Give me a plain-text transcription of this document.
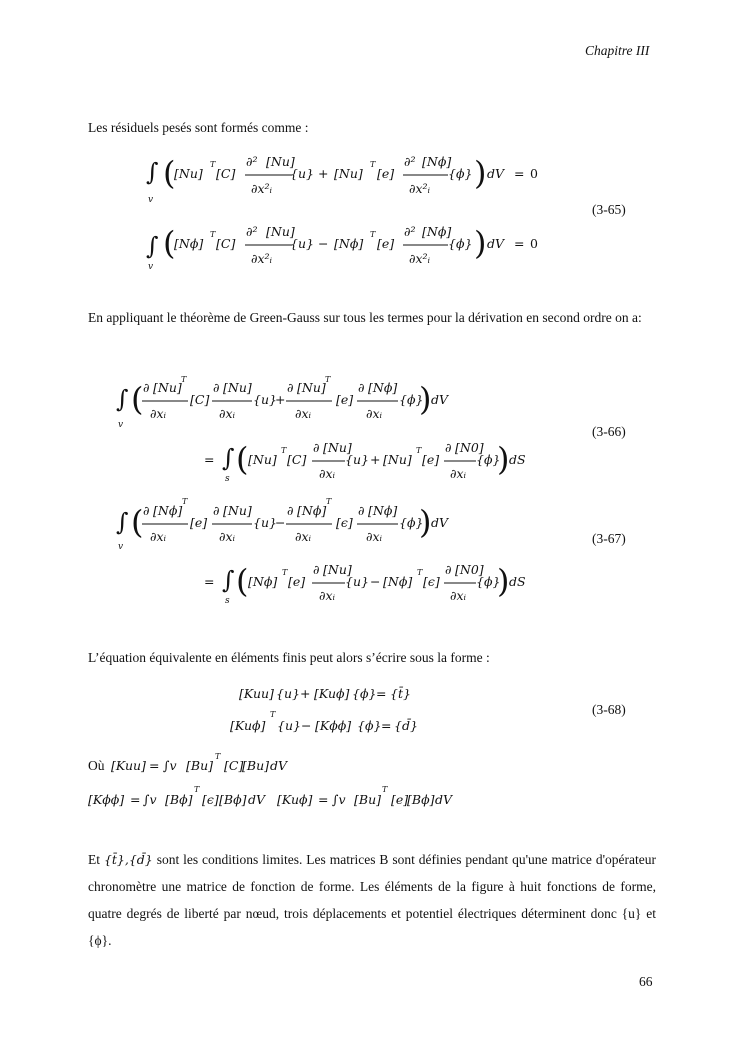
Chapitre III
66
Les résiduels pesés sont formés comme :
En appliquant le théorème de Green-Gauss sur tous les termes pour la dérivation en second ordre on a:
L’équation équivalente en éléments finis peut alors s’écrire sous la forme :
Et {t̄},{d̄} sont les conditions limites. Les matrices B sont définies pendant qu'une matrice d'opérateur chronomètre une matrice de fonction de forme. Les éléments de la figure à huit fonctions de forme, quatre degrés de liberté par nœud, trois déplacements et potentiel électriques déterminent donc {u} et {ϕ}.
(3-65)
(3-66)
(3-67)
(3-68)
∫
v
(
[Nu]
T
[C]
∂² [Nu]
∂x²ᵢ
{u} + [Nu]
T
[e]
∂² [Nϕ]
∂x²ᵢ
{ϕ} ) dV = 0
∫
v
(
[Nϕ]
T
[C]
∂² [Nu]
∂x²ᵢ
{u} − [Nϕ]
T
[e]
∂² [Nϕ]
∂x²ᵢ
{ϕ} ) dV = 0
∫
v
( ∂ [Nu]
T
∂xᵢ
[C]
∂ [Nu]
∂xᵢ
{u}
+
∂ [Nu]
T
∂xᵢ
[e]
∂ [Nϕ]
∂xᵢ
{ϕ}
) dV
= ∫
s
( [Nu]
T
[C]
∂ [Nu]
∂xᵢ
{u} + [Nu]
T
[e]
∂ [N0]
∂xᵢ
{ϕ}
) dS
∫
v
( ∂ [Nϕ]
T
∂xᵢ
[e]
∂ [Nu]
∂xᵢ
{u}
−
∂ [Nϕ]
T
∂xᵢ
[ϵ]
∂ [Nϕ]
∂xᵢ
{ϕ}
) dV
= ∫
s
( [Nϕ]
T
[e]
∂ [Nu]
∂xᵢ
{u} − [Nϕ]
T
[ϵ]
∂ [N0]
∂xᵢ
{ϕ}
) dS
[Kuu] {u} + [Kuϕ] {ϕ} = {t̄}
[Kuϕ]
T
{u} − [Kϕϕ] {ϕ} = {d̄}
Où [Kuu] = ∫v [Bu]
T
[C]
[Bu] dV
[Kϕϕ] = ∫v [Bϕ]
T
[ϵ] [Bϕ] dV [Kuϕ] = ∫v [Bu]
T
[e]
[Bϕ] dV
